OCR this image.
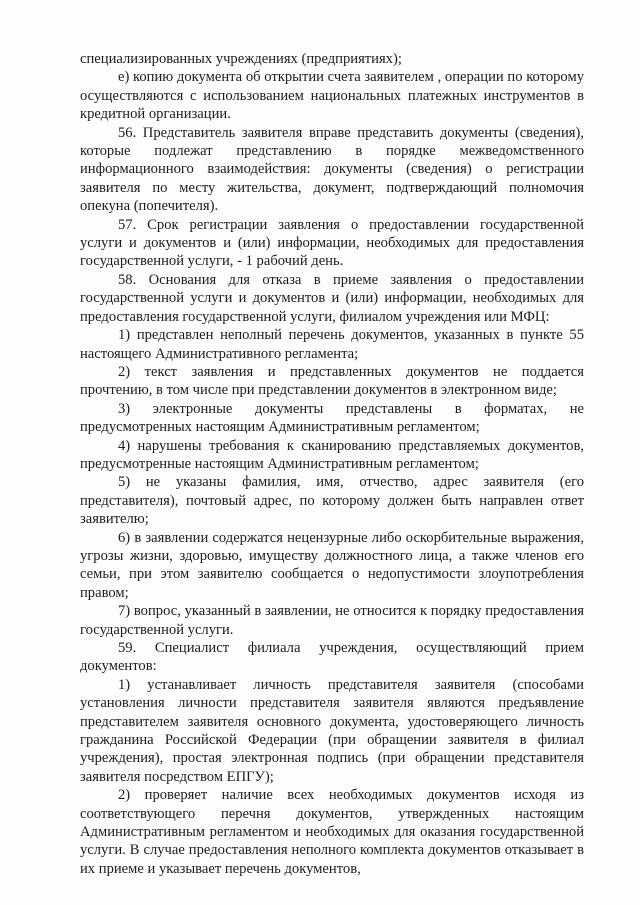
специализированных учреждениях (предприятиях);

е) копию документа об открытии счета заявителем , операции по которому осуществляются с использованием национальных платежных инструментов в кредитной организации.

56. Представитель заявителя вправе представить документы (сведения), которые подлежат представлению в порядке межведомственного информационного взаимодействия: документы (сведения) о регистрации заявителя по месту жительства, документ, подтверждающий полномочия опекуна (попечителя).

57. Срок регистрации заявления о предоставлении государственной услуги и документов и (или) информации, необходимых для предоставления государственной услуги, - 1 рабочий день.

58. Основания для отказа в приеме заявления о предоставлении государственной услуги и документов и (или) информации, необходимых для предоставления государственной услуги, филиалом учреждения или МФЦ:

1) представлен неполный перечень документов, указанных в пункте 55 настоящего Административного регламента;

2) текст заявления и представленных документов не поддается прочтению, в том числе при представлении документов в электронном виде;

3) электронные документы представлены в форматах, не предусмотренных настоящим Административным регламентом;

4) нарушены требования к сканированию представляемых документов, предусмотренные настоящим Административным регламентом;

5) не указаны фамилия, имя, отчество, адрес заявителя (его представителя), почтовый адрес, по которому должен быть направлен ответ заявителю;

6) в заявлении содержатся нецензурные либо оскорбительные выражения, угрозы жизни, здоровью, имуществу должностного лица, а также членов его семьи, при этом заявителю сообщается о недопустимости злоупотребления правом;

7) вопрос, указанный в заявлении, не относится к порядку предоставления государственной услуги.

59. Специалист филиала учреждения, осуществляющий прием документов:

1) устанавливает личность представителя заявителя (способами установления личности представителя заявителя являются предъявление представителем заявителя основного документа, удостоверяющего личность гражданина Российской Федерации (при обращении заявителя в филиал учреждения), простая электронная подпись (при обращении представителя заявителя посредством ЕПГУ);

2) проверяет наличие всех необходимых документов исходя из соответствующего перечня документов, утвержденных настоящим Административным регламентом и необходимых для оказания государственной услуги. В случае предоставления неполного комплекта документов отказывает в их приеме и указывает перечень документов,
